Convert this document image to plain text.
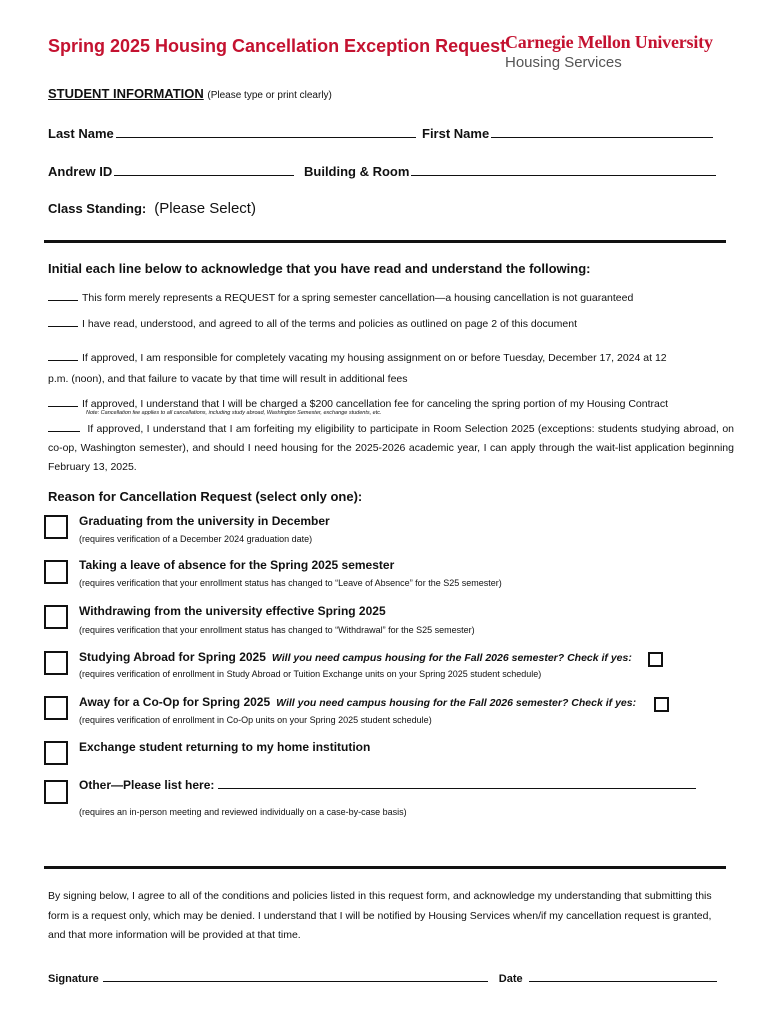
Spring 2025 Housing Cancellation Exception Request
Carnegie Mellon University
Housing Services
STUDENT INFORMATION (Please type or print clearly)
Last Name	First Name
Andrew ID	Building & Room
Class Standing: (Please Select)
Initial each line below to acknowledge that you have read and understand the following:
This form merely represents a REQUEST for a spring semester cancellation—a housing cancellation is not guaranteed
I have read, understood, and agreed to all of the terms and policies as outlined on page 2 of this document
If approved, I am responsible for completely vacating my housing assignment on or before Tuesday, December 17, 2024 at 12
p.m. (noon), and that failure to vacate by that time will result in additional fees
If approved, I understand that I will be charged a $200 cancellation fee for canceling the spring portion of my Housing Contract
Note: Cancellation fee applies to all cancellations, including study abroad, Washington Semester, exchange students, etc.
If approved, I understand that I am forfeiting my eligibility to participate in Room Selection 2025 (exceptions: students studying abroad, on co-op, Washington semester), and should I need housing for the 2025-2026 academic year, I can apply through the wait-list application beginning February 13, 2025.
Reason for Cancellation Request (select only one):
Graduating from the university in December
(requires verification of a December 2024 graduation date)
Taking a leave of absence for the Spring 2025 semester
(requires verification that your enrollment status has changed to “Leave of Absence” for the S25 semester)
Withdrawing from the university effective Spring 2025
(requires verification that your enrollment status has changed to “Withdrawal” for the S25 semester)
Studying Abroad for Spring 2025 Will you need campus housing for the Fall 2026 semester? Check if yes:
(requires verification of enrollment in Study Abroad or Tuition Exchange units on your Spring 2025 student schedule)
Away for a Co-Op for Spring 2025 Will you need campus housing for the Fall 2026 semester? Check if yes:
(requires verification of enrollment in Co-Op units on your Spring 2025 student schedule)
Exchange student returning to my home institution
Other—Please list here:
(requires an in-person meeting and reviewed individually on a case-by-case basis)
By signing below, I agree to all of the conditions and policies listed in this request form, and acknowledge my understanding that submitting this form is a request only, which may be denied. I understand that I will be notified by Housing Services when/if my cancellation request is granted, and that more information will be provided at that time.
Signature	Date
